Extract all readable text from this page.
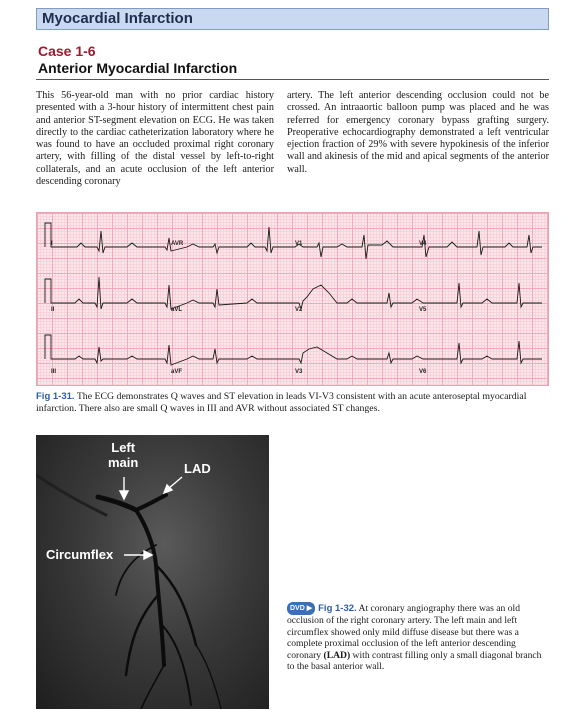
Myocardial Infarction
Case 1-6
Anterior Myocardial Infarction
This 56-year-old man with no prior cardiac history presented with a 3-hour history of intermittent chest pain and anterior ST-segment elevation on ECG. He was taken directly to the cardiac catheterization laboratory where he was found to have an occluded proximal right coronary artery, with filling of the distal vessel by left-to-right collaterals, and an acute occlusion of the left anterior descending coronary
artery. The left anterior descending occlusion could not be crossed. An intraaortic balloon pump was placed and he was referred for emergency coronary bypass grafting surgery. Preoperative echocardiography demonstrated a left ventricular ejection fraction of 29% with severe hypokinesis of the inferior wall and akinesis of the mid and apical segments of the anterior wall.
I	AVR	V1	V4
II	aVL	V2	V5
III	aVF	V3	V6
Fig 1-31. The ECG demonstrates Q waves and ST elevation in leads VI-V3 consistent with an acute anteroseptal myocardial infarction. There also are small Q waves in III and AVR without associated ST changes.
Left
main	LAD
Circumflex
DVD ▶ Fig 1-32. At coronary angiography there was an old occlusion of the right coronary artery. The left main and left circumflex showed only mild diffuse disease but there was a complete proximal occlusion of the left anterior descending coronary (LAD) with contrast filling only a small diagonal branch to the basal anterior wall.
